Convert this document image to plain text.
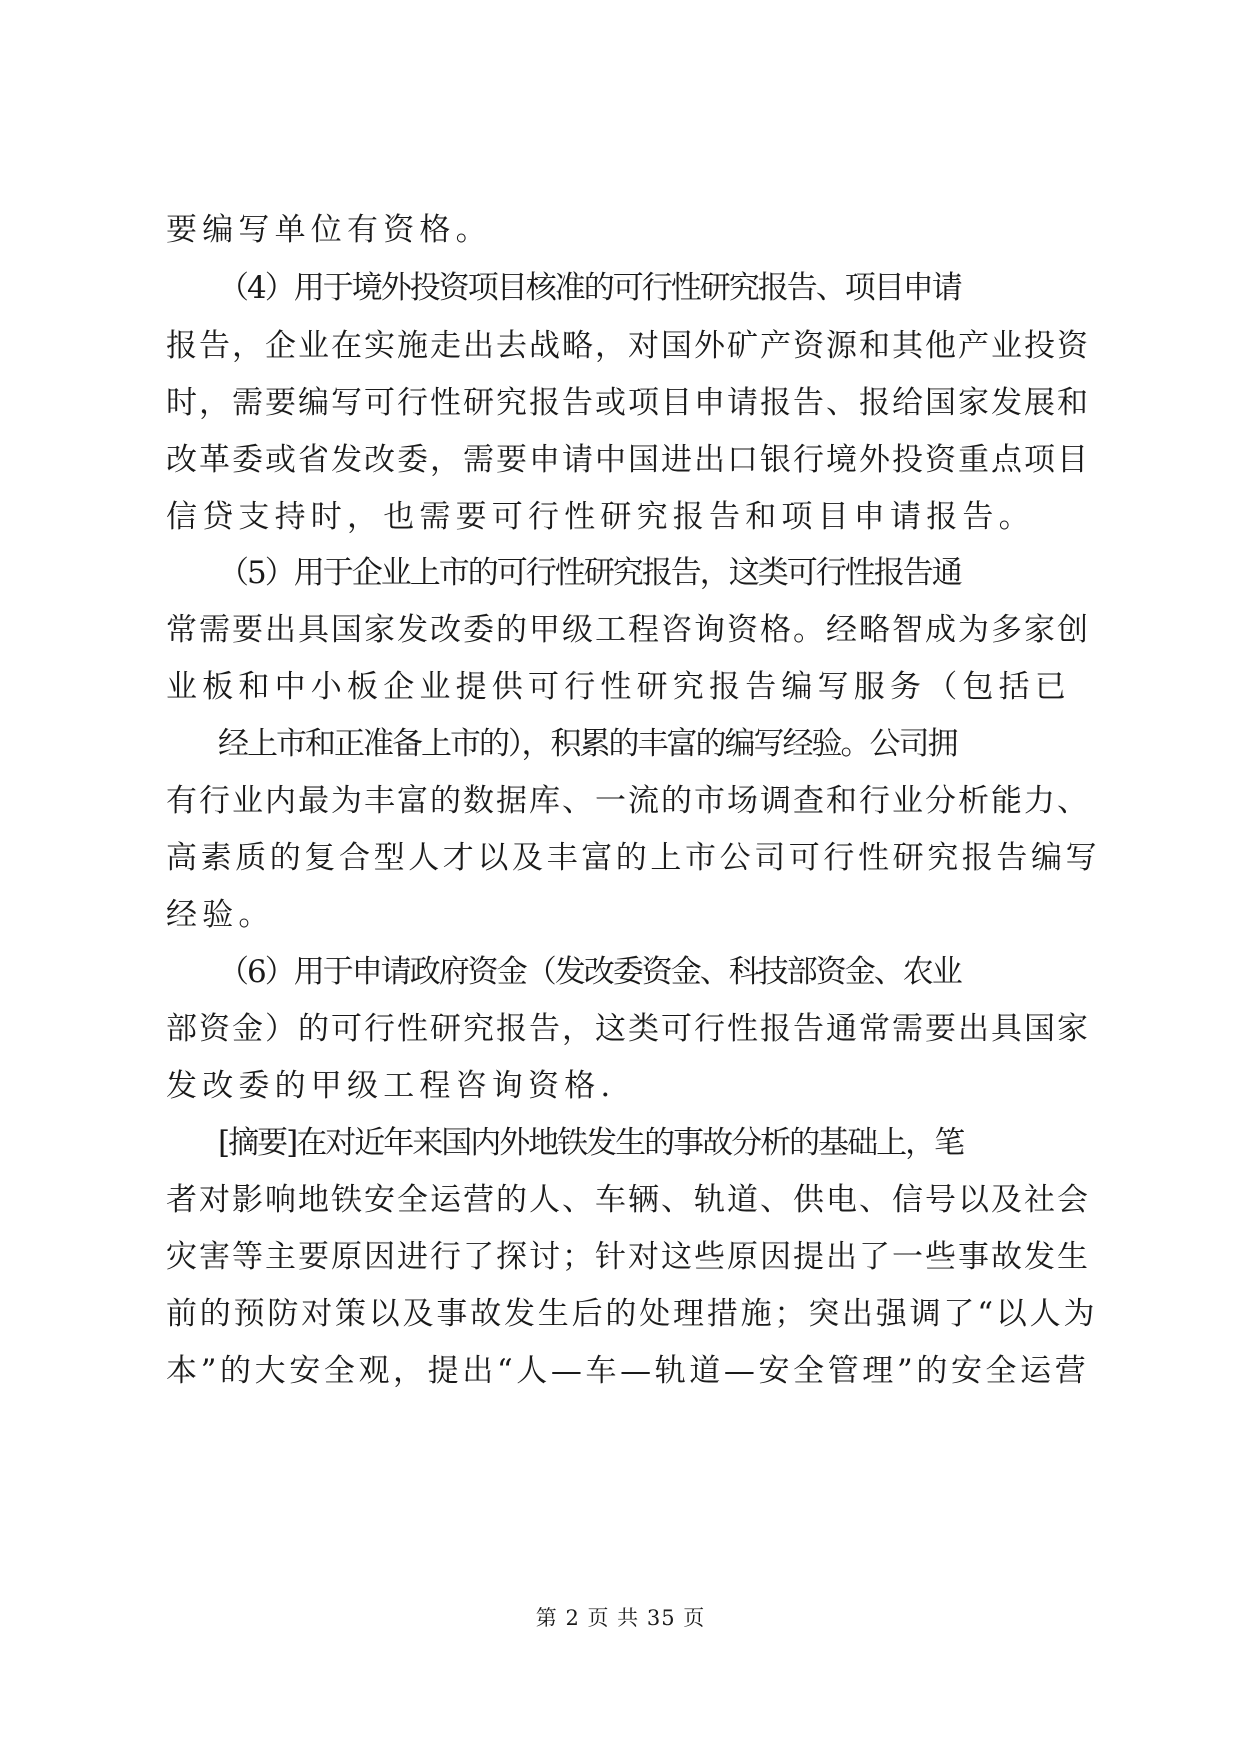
要编写单位有资格。
（4）用于境外投资项目核准的可行性研究报告、项目申请
报告，企业在实施走出去战略，对国外矿产资源和其他产业投资
时，需要编写可行性研究报告或项目申请报告、报给国家发展和
改革委或省发改委，需要申请中国进出口银行境外投资重点项目
信贷支持时，也需要可行性研究报告和项目申请报告。
（5）用于企业上市的可行性研究报告，这类可行性报告通
常需要出具国家发改委的甲级工程咨询资格。经略智成为多家创
业板和中小板企业提供可行性研究报告编写服务（包括已
经上市和正准备上市的），积累的丰富的编写经验。公司拥
有行业内最为丰富的数据库、一流的市场调查和行业分析能力、
高素质的复合型人才以及丰富的上市公司可行性研究报告编写
经验。
（6）用于申请政府资金（发改委资金、科技部资金、农业
部资金）的可行性研究报告，这类可行性报告通常需要出具国家
发改委的甲级工程咨询资格.
[摘要]在对近年来国内外地铁发生的事故分析的基础上，笔
者对影响地铁安全运营的人、车辆、轨道、供电、信号以及社会
灾害等主要原因进行了探讨；针对这些原因提出了一些事故发生
前的预防对策以及事故发生后的处理措施；突出强调了“以人为
本”的大安全观，提出“人—车—轨道—安全管理”的安全运营
第 2 页 共 35 页
